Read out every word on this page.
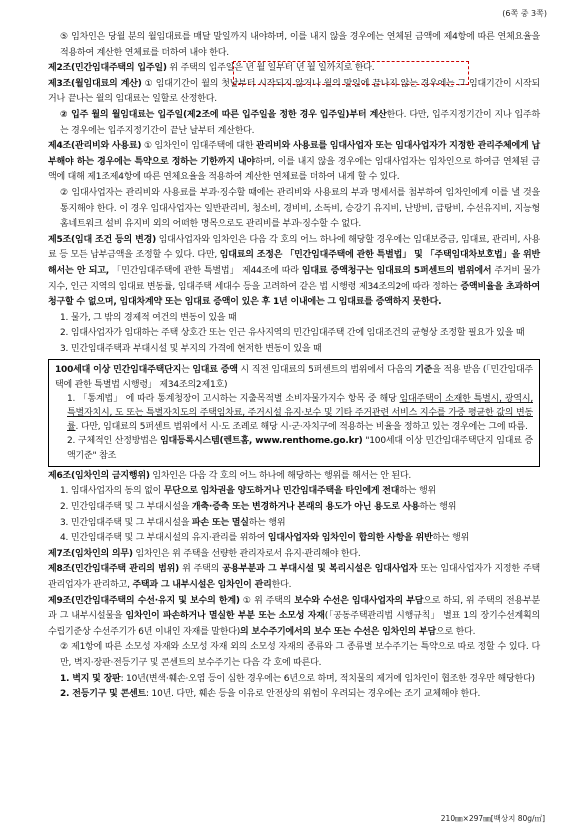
(6쪽 중 3쪽)

⑤ 임차인은 당월 분의 월임대료를 매달 말일까지 내야하며, 이를 내지 않을 경우에는 연체된 금액에 제4항에 따른 연체요율을 적용하여 계산한 연체료를 더하여 내야 한다.

제2조(민간임대주택의 입주일) 위 주택의 입주일은 년 월 일부터 년 월 일까지로 한다.

제3조(월임대료의 계산) ① 임대기간이 월의 첫날부터 시작되지 않거나 월의 말일에 끝나지 않는 경우에는 그 임대기간이 시작되거나 끝나는 월의 임대료는 일할로 산정한다.

② 입주 월의 월임대료는 입주일(제2조에 따른 입주일을 정한 경우 입주일)부터 계산한다. 다만, 입주지정기간이 지나 입주하는 경우에는 입주지정기간이 끝난 날부터 계산한다.

제4조(관리비와 사용료) ① 임차인이 임대주택에 대한 관리비와 사용료를 임대사업자 또는 임대사업자가 지정한 관리주체에게 납부해야 하는 경우에는 특약으로 정하는 기한까지 내야하며, 이를 내지 않을 경우에는 임대사업자는 임차인으로 하여금 연체된 금액에 대해 제1조제4항에 따른 연체요율을 적용하여 계산한 연체료를 더하여 내게 할 수 있다.

② 임대사업자는 관리비와 사용료를 부과·징수할 때에는 관리비와 사용료의 부과 명세서를 첨부하여 임차인에게 이를 낼 것을 통지해야 한다. 이 경우 임대사업자는 일반관리비, 청소비, 경비비, 소독비, 승강기 유지비, 난방비, 급탕비, 수선유지비, 지능형 홈네트워크 설비 유지비 외의 어떠한 명목으로도 관리비를 부과·징수할 수 없다.

제5조(임대 조건 등의 변경) 임대사업자와 임차인은 다음 각 호의 어느 하나에 해당할 경우에는 임대보증금, 임대료, 관리비, 사용료 등 모든 납부금액을 조정할 수 있다. 다만, 임대료의 조정은 「민간임대주택에 관한 특별법」 및 「주택임대차보호법」을 위반해서는 안 되고, 「민간임대주택에 관한 특별법」 제44조에 따라 임대료 증액청구는 임대료의 5퍼센트의 범위에서 주거비 물가지수, 인근 지역의 임대료 변동률, 임대주택 세대수 등을 고려하여 같은 법 시행령 제34조의2에 따라 정하는 증액비율을 초과하여 청구할 수 없으며, 임대차계약 또는 임대료 증액이 있은 후 1년 이내에는 그 임대료를 증액하지 못한다.

1. 물가, 그 밖의 경제적 여건의 변동이 있을 때

2. 임대사업자가 임대하는 주택 상호간 또는 인근 유사지역의 민간임대주택 간에 임대조건의 균형상 조정할 필요가 있을 때

3. 민간임대주택과 부대시설 및 부지의 가격에 현저한 변동이 있을 때

100세대 이상 민간임대주택단지는 임대료 증액 시 직전 임대료의 5퍼센트의 범위에서 다음의 기준을 적용 받음 (「민간임대주택에 관한 특별법 시행령」 제34조의2제1호)

1. 「통계법」 에 따라 통계청장이 고시하는 지출목적별 소비자물가지수 항목 중 해당 임대주택이 소재한 특별시, 광역시, 특별자치시, 도 또는 특별자치도의 주택임차료, 주거시설 유지·보수 및 기타 주거관련 서비스 지수를 가중 평균한 값의 변동률. 다만, 임대료의 5퍼센트 범위에서 시·도 조례로 해당 시·군·자치구에 적용하는 비율을 정하고 있는 경우에는 그에 따름.

2. 구체적인 산정방법은 임대등록시스템(렌트홈, www.renthome.go.kr) "100세대 이상 민간임대주택단지 임대료 증액기준" 참조

제6조(임차인의 금지행위) 임차인은 다음 각 호의 어느 하나에 해당하는 행위를 해서는 안 된다.

1. 임대사업자의 동의 없이 무단으로 임차권을 양도하거나 민간임대주택을 타인에게 전대하는 행위

2. 민간임대주택 및 그 부대시설을 개축·증축 또는 변경하거나 본래의 용도가 아닌 용도로 사용하는 행위

3. 민간임대주택 및 그 부대시설을 파손 또는 멸실하는 행위

4. 민간임대주택 및 그 부대시설의 유지·관리를 위하여 임대사업자와 임차인이 합의한 사항을 위반하는 행위

제7조(임차인의 의무) 임차인은 위 주택을 선량한 관리자로서 유지·관리해야 한다.

제8조(민간임대주택 관리의 범위) 위 주택의 공용부분과 그 부대시설 및 복리시설은 임대사업자 또는 임대사업자가 지정한 주택관리업자가 관리하고, 주택과 그 내부시설은 임차인이 관리한다.

제9조(민간임대주택의 수선·유지 및 보수의 한계) ① 위 주택의 보수와 수선은 임대사업자의 부담으로 하되, 위 주택의 전용부분과 그 내부시설물을 임차인이 파손하거나 멸실한 부분 또는 소모성 자재(「공동주택관리법 시행규칙」 별표 1의 장기수선계획의 수립기준상 수선주기가 6년 이내인 자재를 말한다)의 보수주기에서의 보수 또는 수선은 임차인의 부담으로 한다.

② 제1항에 따른 소모성 자재와 소모성 자재 외의 소모성 자재의 종류와 그 종류별 보수주기는 특약으로 따로 정할 수 있다. 다만, 벽지·장판·전등기구 및 콘센트의 보수주기는 다음 각 호에 따른다.

1. 벽지 및 장판: 10년(변색·훼손·오염 등이 심한 경우에는 6년으로 하며, 적치물의 제거에 임차인이 협조한 경우만 해당한다)

2. 전등기구 및 콘센트: 10년. 다만, 훼손 등을 이유로 안전상의 위험이 우려되는 경우에는 조기 교체해야 한다.

210㎜×297㎜[백상지 80g/㎡]
